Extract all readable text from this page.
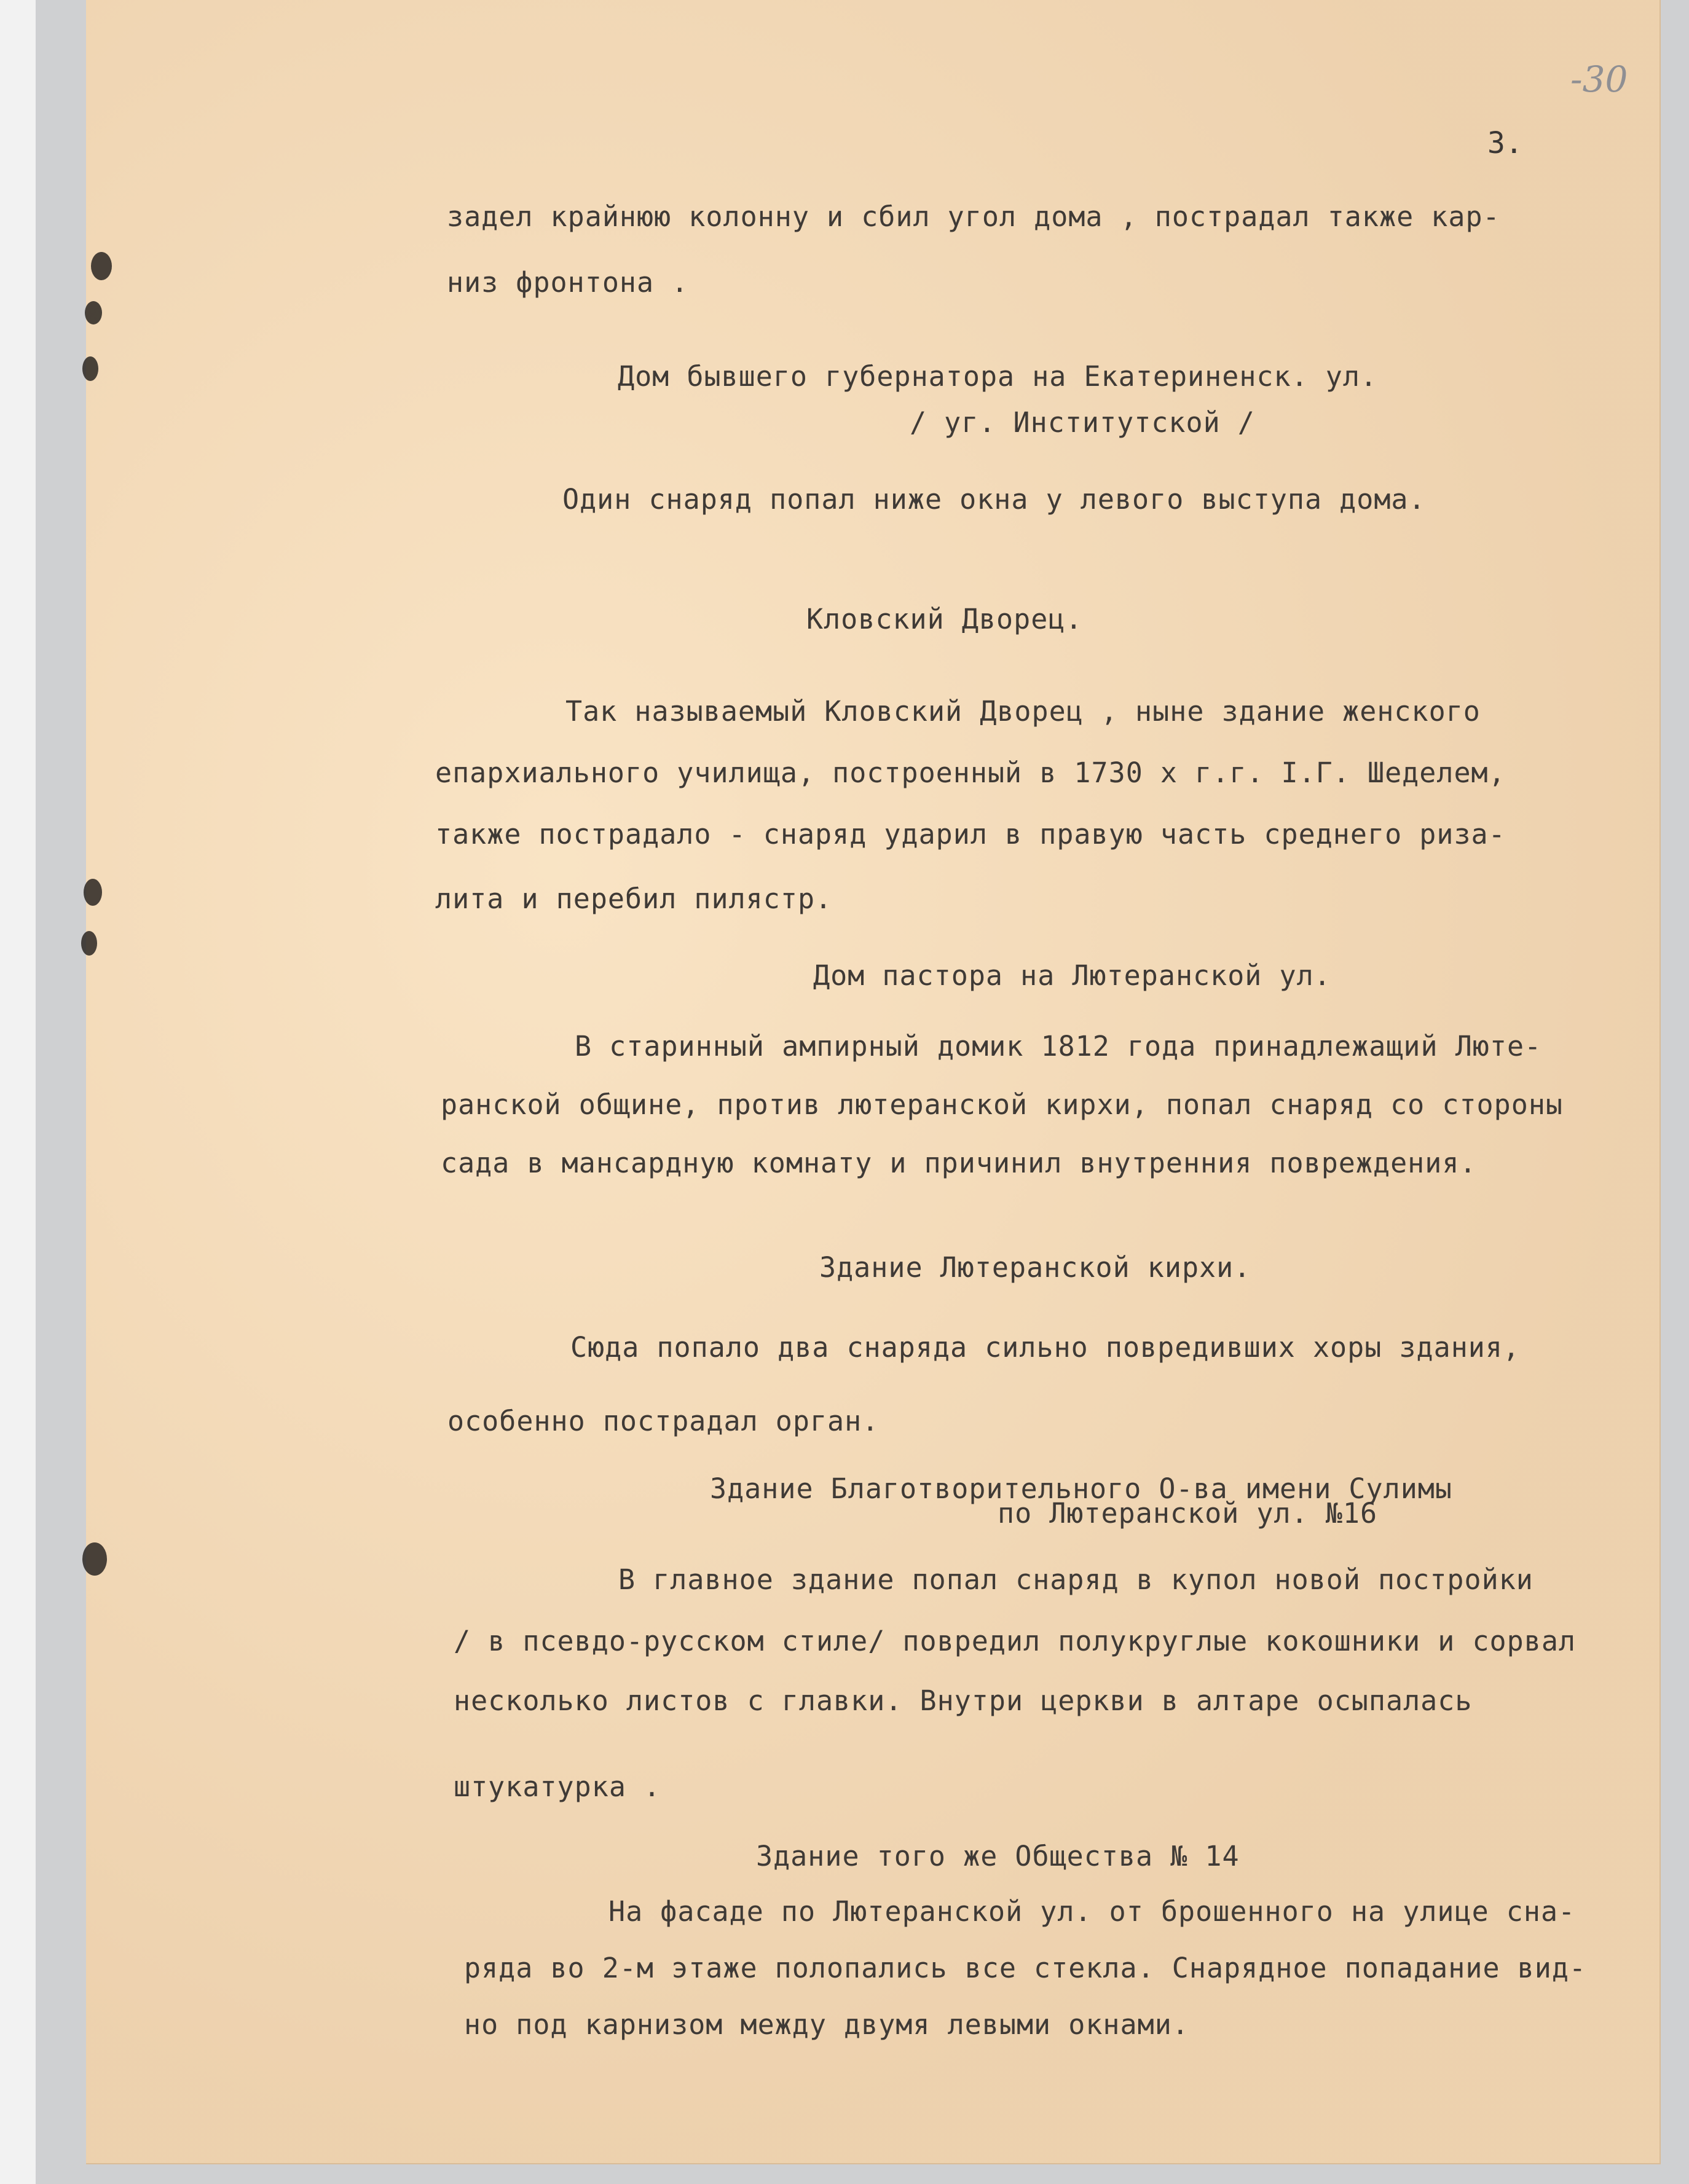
-30
3.
задел крайнюю колонну и сбил угол дома , пострадал также кар-
низ фронтона .
Дом бывшего губернатора на Екатериненск. ул.
/ уг. Институтской /
Один снаряд попал ниже окна у левого выступа дома.
Кловский Дворец.
Так называемый Кловский Дворец , ныне здание женского
епархиального училища, построенный в 1730 х г.г. I.Г. Шеделем,
также пострадало - снаряд ударил в правую часть среднего риза-
лита и перебил пилястр.
Дом пастора на Лютеранской ул.
В старинный ампирный домик 1812 года принадлежащий Люте-
ранской общине, против лютеранской кирхи, попал снаряд со стороны
сада в мансардную комнату и причинил внутренния повреждения.
Здание Лютеранской кирхи.
Сюда попало два снаряда сильно повредивших хоры здания,
особенно пострадал орган.
Здание Благотворительного О-ва имени Сулимы
по Лютеранской ул. №16
В главное здание попал снаряд в купол новой постройки
/ в псевдо-русском стиле/ повредил полукруглые кокошники и сорвал
несколько листов с главки. Внутри церкви в алтаре осыпалась
штукатурка .
Здание того же Общества № 14
На фасаде по Лютеранской ул. от брошенного на улице сна-
ряда во 2-м этаже полопались все стекла. Снарядное попадание вид-
но под карнизом между двумя левыми окнами.
